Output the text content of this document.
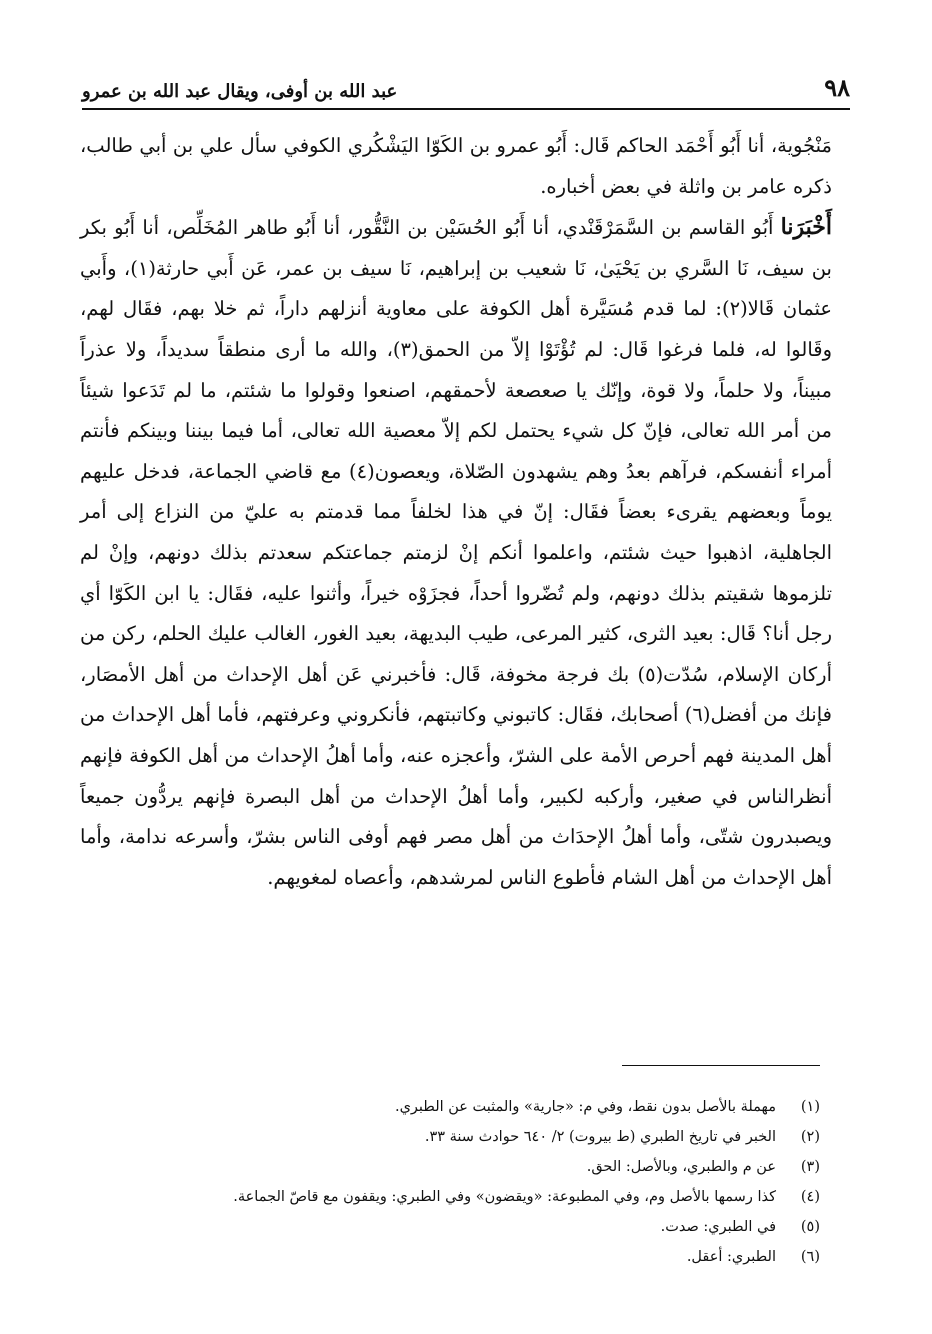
٩٨
عبد الله بن أوفى، ويقال عبد الله بن عمرو

مَنْجُوية، أنا أَبُو أَحْمَد الحاكم قَال: أَبُو عمرو بن الكَوّا اليَشْكُري الكوفي سأل علي بن أبي طالب، ذكره عامر بن واثلة في بعض أخباره.

أَخْبَرَنا أَبُو القاسم بن السَّمَرْقَنْدي، أنا أَبُو الحُسَيْن بن النَّقُّور، أنا أَبُو طاهر المُخَلِّص، أنا أَبُو بكر بن سيف، نَا السَّري بن يَحْيَىٰ، نَا شعيب بن إبراهيم، نَا سيف بن عمر، عَن أَبي حارثة(١)، وأَبي عثمان قَالا(٢): لما قدم مُسَيَّرة أهل الكوفة على معاوية أنزلهم داراً، ثم خلا بهم، فقَال لهم، وقَالوا له، فلما فرغوا قَال: لم تُؤْتَوْا إلاّ من الحمق(٣)، والله ما أرى منطقاً سديداً، ولا عذراً مبيناً، ولا حلماً، ولا قوة، وإنّك يا صعصعة لأحمقهم، اصنعوا وقولوا ما شئتم، ما لم تَدَعوا شيئاً من أمر الله تعالى، فإنّ كل شيء يحتمل لكم إلاّ معصية الله تعالى، أما فيما بيننا وبينكم فأنتم أمراء أنفسكم، فرآهم بعدُ وهم يشهدون الصّلاة، ويعصون(٤) مع قاضي الجماعة، فدخل عليهم يوماً وبعضهم يقرىء بعضاً فقَال: إنّ في هذا لخلفاً مما قدمتم به عليّ من النزاع إلى أمر الجاهلية، اذهبوا حيث شئتم، واعلموا أنكم إنْ لزمتم جماعتكم سعدتم بذلك دونهم، وإنْ لم تلزموها شقيتم بذلك دونهم، ولم تُضّروا أحداً، فجزَوْه خيراً، وأثنوا عليه، فقَال: يا ابن الكَوّا أي رجل أنا؟ قَال: بعيد الثرى، كثير المرعى، طيب البديهة، بعيد الغور، الغالب عليك الحلم، ركن من أركان الإسلام، سُدّت(٥) بك فرجة مخوفة، قَال: فأخبرني عَن أهل الإحداث من أهل الأمصَار، فإنك من أفضل(٦) أصحابك، فقَال: كاتبوني وكاتبتهم، فأنكروني وعرفتهم، فأما أهل الإحداث من أهل المدينة فهم أحرص الأمة على الشرّ، وأعجزه عنه، وأما أهلُ الإحداث من أهل الكوفة فإنهم أنظرالناس في صغير، وأركبه لكبير، وأما أهلُ الإحداث من أهل البصرة فإنهم يردُّون جميعاً ويصبدرون شتّى، وأما أهلُ الإحدَاث من أهل مصر فهم أوفى الناس بشرّ، وأسرعه ندامة، وأما أهل الإحداث من أهل الشام فأطوع الناس لمرشدهم، وأعصاه لمغويهم.

(١)
مهملة بالأصل بدون نقط، وفي م: «جارية» والمثبت عن الطبري.
(٢)
الخبر في تاريخ الطبري (ط بيروت) ٢/ ٦٤٠ حوادث سنة ٣٣.
(٣)
عن م والطبري، وبالأصل: الحق.
(٤)
كذا رسمها بالأصل وم، وفي المطبوعة: «ويقضون» وفي الطبري: ويقفون مع قاصّ الجماعة.
(٥)
في الطبري: صدت.
(٦)
الطبري: أعقل.
